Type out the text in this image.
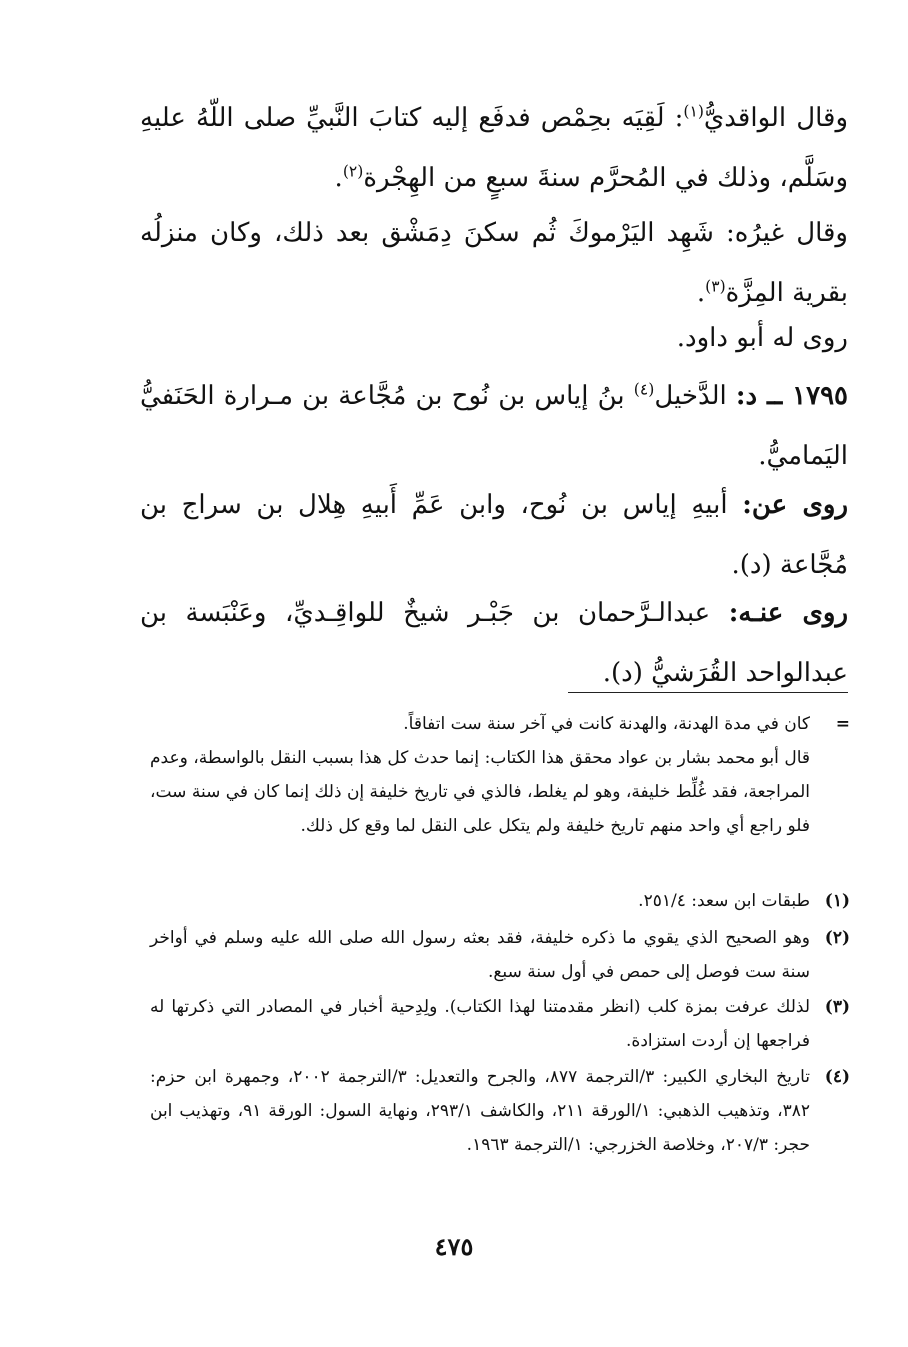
وقال الواقديُّ$^{(١)}$: لَقِيَه بحِمْص فدفَع إليه كتابَ النَّبيِّ صلى اللّهُ عليهِ وسَلَّم، وذلك في المُحرَّم سنةَ سبعٍ من الهِجْرة$^{(٢)}$.

وقال غيرُه: شَهِد اليَرْموكَ ثُم سكنَ دِمَشْق بعد ذلك، وكان منزلُه بقرية المِزَّة$^{(٣)}$.

روى له أبو داود.

١٧٩٥ ــ د: الدَّخيل$^{(٤)}$ بنُ إياس بن نُوح بن مُجَّاعة بن مـرارة الحَنَفيُّ اليَماميُّ.

روى عن: أبيهِ إياس بن نُوح، وابن عَمِّ أَبيهِ هِلال بن سراج بن مُجَّاعة (د).

روى عنـه: عبدالـرَّحمان بن جَبْـر شيخٌ للواقِـديِّ، وعَنْبَسة بن عبدالواحد القُرَشيُّ (د).

=

كان في مدة الهدنة، والهدنة كانت في آخر سنة ست اتفاقاً.

قال أبو محمد بشار بن عواد محقق هذا الكتاب: إنما حدث كل هذا بسبب النقل بالواسطة، وعدم المراجعة، فقد غُلِّط خليفة، وهو لم يغلط، فالذي في تاريخ خليفة إن ذلك إنما كان في سنة ست، فلو راجع أي واحد منهم تاريخ خليفة ولم يتكل على النقل لما وقع كل ذلك.

(١)
طبقات ابن سعد: ٢٥١/٤.
(٢)
وهو الصحيح الذي يقوي ما ذكره خليفة، فقد بعثه رسول الله صلى الله عليه وسلم في أواخر سنة ست فوصل إلى حمص في أول سنة سبع.
(٣)
لذلك عرفت بمزة كلب (انظر مقدمتنا لهذا الكتاب). ولِدِحية أخبار في المصادر التي ذكرتها له فراجعها إن أردت استزادة.
(٤)
تاريخ البخاري الكبير: ٣/الترجمة ٨٧٧، والجرح والتعديل: ٣/الترجمة ٢٠٠٢، وجمهرة ابن حزم: ٣٨٢، وتذهيب الذهبي: ١/الورقة ٢١١، والكاشف ٢٩٣/١، ونهاية السول: الورقة ٩١، وتهذيب ابن حجر: ٢٠٧/٣، وخلاصة الخزرجي: ١/الترجمة ١٩٦٣.

٤٧٥
